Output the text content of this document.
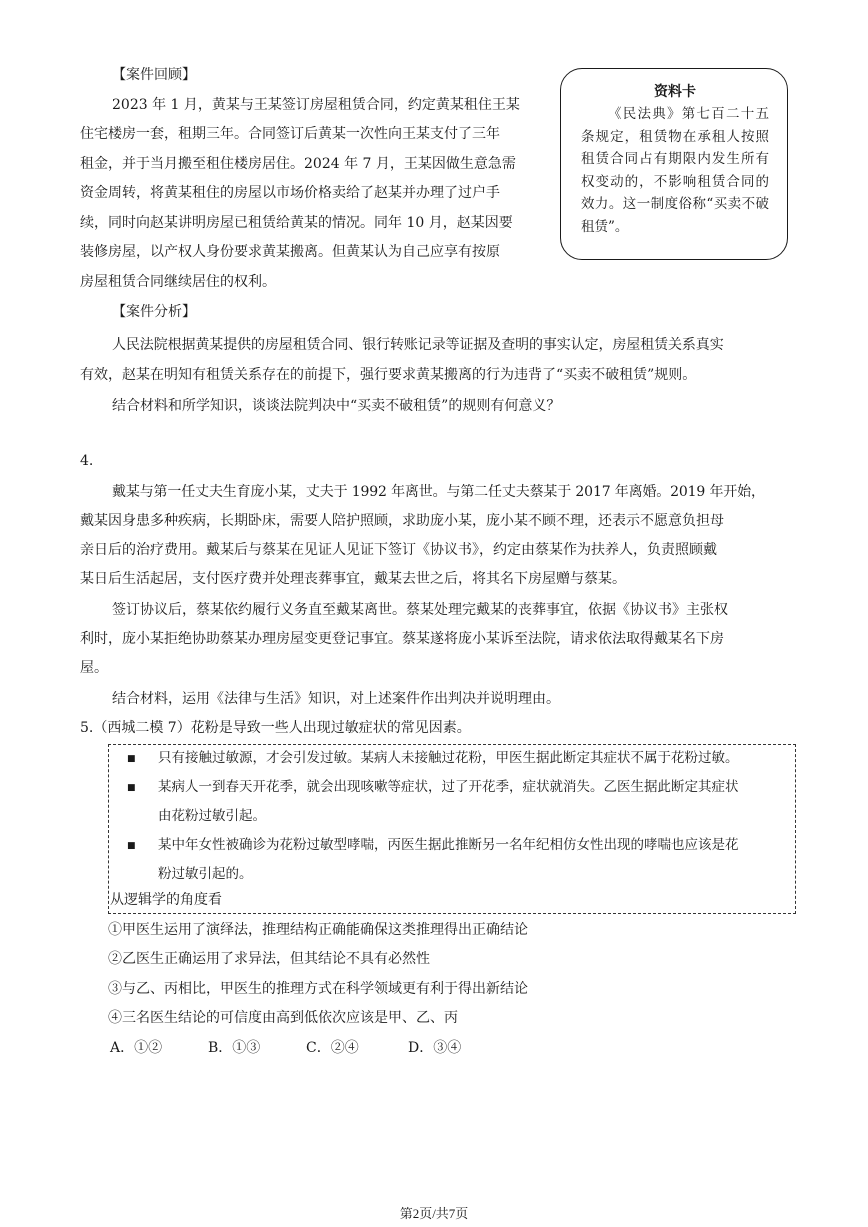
【案件回顾】
2023 年 1 月，黄某与王某签订房屋租赁合同，约定黄某租住王某
住宅楼房一套，租期三年。合同签订后黄某一次性向王某支付了三年
租金，并于当月搬至租住楼房居住。2024 年 7 月，王某因做生意急需
资金周转，将黄某租住的房屋以市场价格卖给了赵某并办理了过户手
续，同时向赵某讲明房屋已租赁给黄某的情况。同年 10 月，赵某因要
装修房屋，以产权人身份要求黄某搬离。但黄某认为自己应享有按原
房屋租赁合同继续居住的权利。
资料卡
《民法典》第七百二十五条规定，租赁物在承租人按照租赁合同占有期限内发生所有权变动的，不影响租赁合同的效力。这一制度俗称“买卖不破租赁”。
【案件分析】
人民法院根据黄某提供的房屋租赁合同、银行转账记录等证据及查明的事实认定，房屋租赁关系真实
有效，赵某在明知有租赁关系存在的前提下，强行要求黄某搬离的行为违背了“买卖不破租赁”规则。
结合材料和所学知识，谈谈法院判决中“买卖不破租赁”的规则有何意义？
4.
戴某与第一任丈夫生育庞小某，丈夫于 1992 年离世。与第二任丈夫蔡某于 2017 年离婚。2019 年开始，
戴某因身患多种疾病，长期卧床，需要人陪护照顾，求助庞小某，庞小某不顾不理，还表示不愿意负担母
亲日后的治疗费用。戴某后与蔡某在见证人见证下签订《协议书》，约定由蔡某作为扶养人，负责照顾戴
某日后生活起居，支付医疗费并处理丧葬事宜，戴某去世之后，将其名下房屋赠与蔡某。
签订协议后，蔡某依约履行义务直至戴某离世。蔡某处理完戴某的丧葬事宜，依据《协议书》主张权
利时，庞小某拒绝协助蔡某办理房屋变更登记事宜。蔡某遂将庞小某诉至法院，请求依法取得戴某名下房
屋。
结合材料，运用《法律与生活》知识，对上述案件作出判决并说明理由。
5.（西城二模 7）花粉是导致一些人出现过敏症状的常见因素。
■ 只有接触过敏源，才会引发过敏。某病人未接触过花粉，甲医生据此断定其症状不属于花粉过敏。
■ 某病人一到春天开花季，就会出现咳嗽等症状，过了开花季，症状就消失。乙医生据此断定其症状
由花粉过敏引起。
■ 某中年女性被确诊为花粉过敏型哮喘，丙医生据此推断另一名年纪相仿女性出现的哮喘也应该是花
粉过敏引起的。
从逻辑学的角度看
①甲医生运用了演绎法，推理结构正确能确保这类推理得出正确结论
②乙医生正确运用了求异法，但其结论不具有必然性
③与乙、丙相比，甲医生的推理方式在科学领域更有利于得出新结论
④三名医生结论的可信度由高到低依次应该是甲、乙、丙
A．①②	B．①③	C．②④	D．③④
第2页/共7页
